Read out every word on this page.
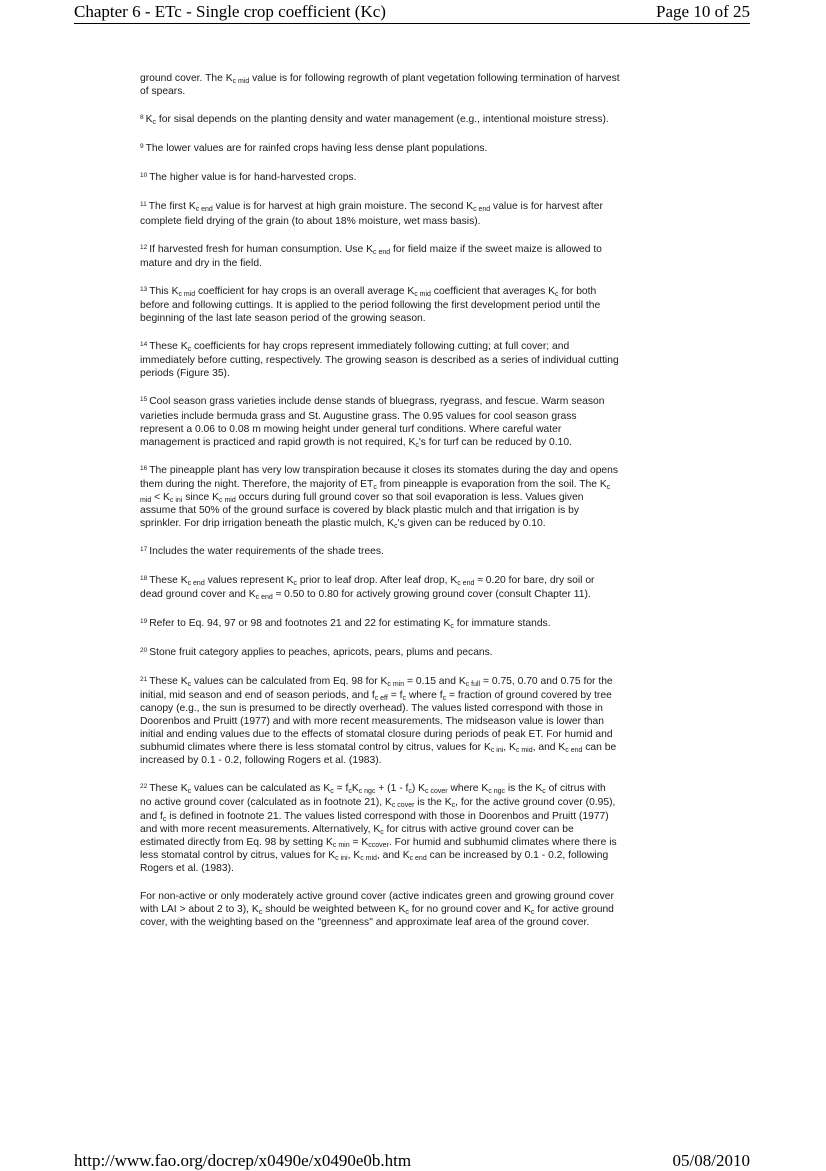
Chapter 6 - ETc - Single crop coefficient (Kc)	Page 10 of 25

ground cover. The $K_{c mid}$ value is for following regrowth of plant vegetation following termination of harvest of spears.

$^8$ $K_c$ for sisal depends on the planting density and water management (e.g., intentional moisture stress).

$^9$ The lower values are for rainfed crops having less dense plant populations.

$^{10}$ The higher value is for hand-harvested crops.

$^{11}$ The first $K_{c end}$ value is for harvest at high grain moisture. The second $K_{c end}$ value is for harvest after complete field drying of the grain (to about 18% moisture, wet mass basis).

$^{12}$ If harvested fresh for human consumption. Use $K_{c end}$ for field maize if the sweet maize is allowed to mature and dry in the field.

$^{13}$ This $K_{c mid}$ coefficient for hay crops is an overall average $K_{c mid}$ coefficient that averages $K_c$ for both before and following cuttings. It is applied to the period following the first development period until the beginning of the last late season period of the growing season.

$^{14}$ These $K_c$ coefficients for hay crops represent immediately following cutting; at full cover; and immediately before cutting, respectively. The growing season is described as a series of individual cutting periods (Figure 35).

$^{15}$ Cool season grass varieties include dense stands of bluegrass, ryegrass, and fescue. Warm season varieties include bermuda grass and St. Augustine grass. The 0.95 values for cool season grass represent a 0.06 to 0.08 m mowing height under general turf conditions. Where careful water management is practiced and rapid growth is not required, $K_c's$ for turf can be reduced by 0.10.

$^{16}$ The pineapple plant has very low transpiration because it closes its stomates during the day and opens them during the night. Therefore, the majority of $ET_c$ from pineapple is evaporation from the soil. The $K_{c mid} < K_{c ini}$ since $K_{c mid}$ occurs during full ground cover so that soil evaporation is less. Values given assume that 50% of the ground surface is covered by black plastic mulch and that irrigation is by sprinkler. For drip irrigation beneath the plastic mulch, $K_c's$ given can be reduced by 0.10.

$^{17}$ Includes the water requirements of the shade trees.

$^{18}$ These $K_{c end}$ values represent $K_c$ prior to leaf drop. After leaf drop, $K_{c end} \approx 0.20$ for bare, dry soil or dead ground cover and $K_{c end} \approx 0.50$ to 0.80 for actively growing ground cover (consult Chapter 11).

$^{19}$ Refer to Eq. 94, 97 or 98 and footnotes 21 and 22 for estimating $K_c$ for immature stands.

$^{20}$ Stone fruit category applies to peaches, apricots, pears, plums and pecans.

$^{21}$ These $K_c$ values can be calculated from Eq. 98 for $K_{c min} = 0.15$ and $K_{c full} = 0.75$, 0.70 and 0.75 for the initial, mid season and end of season periods, and $f_{c eff} = f_c$ where $f_c$ = fraction of ground covered by tree canopy (e.g., the sun is presumed to be directly overhead). The values listed correspond with those in Doorenbos and Pruitt (1977) and with more recent measurements. The midseason value is lower than initial and ending values due to the effects of stomatal closure during periods of peak ET. For humid and subhumid climates where there is less stomatal control by citrus, values for $K_{c ini}$, $K_{c mid}$, and $K_{c end}$ can be increased by 0.1 - 0.2, following Rogers et al. (1983).

$^{22}$ These $K_c$ values can be calculated as $K_c = f_cK_{c ngc} + (1 - f_c)$ $K_{c cover}$ where $K_{c ngc}$ is the $K_c$ of citrus with no active ground cover (calculated as in footnote 21), $K_{c cover}$ is the $K_c$, for the active ground cover (0.95), and $f_c$ is defined in footnote 21. The values listed correspond with those in Doorenbos and Pruitt (1977) and with more recent measurements. Alternatively, $K_c$ for citrus with active ground cover can be estimated directly from Eq. 98 by setting $K_{c min} = K_{ccover}$. For humid and subhumid climates where there is less stomatal control by citrus, values for $K_{c ini}$, $K_{c mid}$, and $K_{c end}$ can be increased by 0.1 - 0.2, following Rogers et al. (1983).

For non-active or only moderately active ground cover (active indicates green and growing ground cover with LAI > about 2 to 3), $K_c$ should be weighted between $K_c$ for no ground cover and $K_c$ for active ground cover, with the weighting based on the "greenness" and approximate leaf area of the ground cover.

http://www.fao.org/docrep/x0490e/x0490e0b.htm	05/08/2010
